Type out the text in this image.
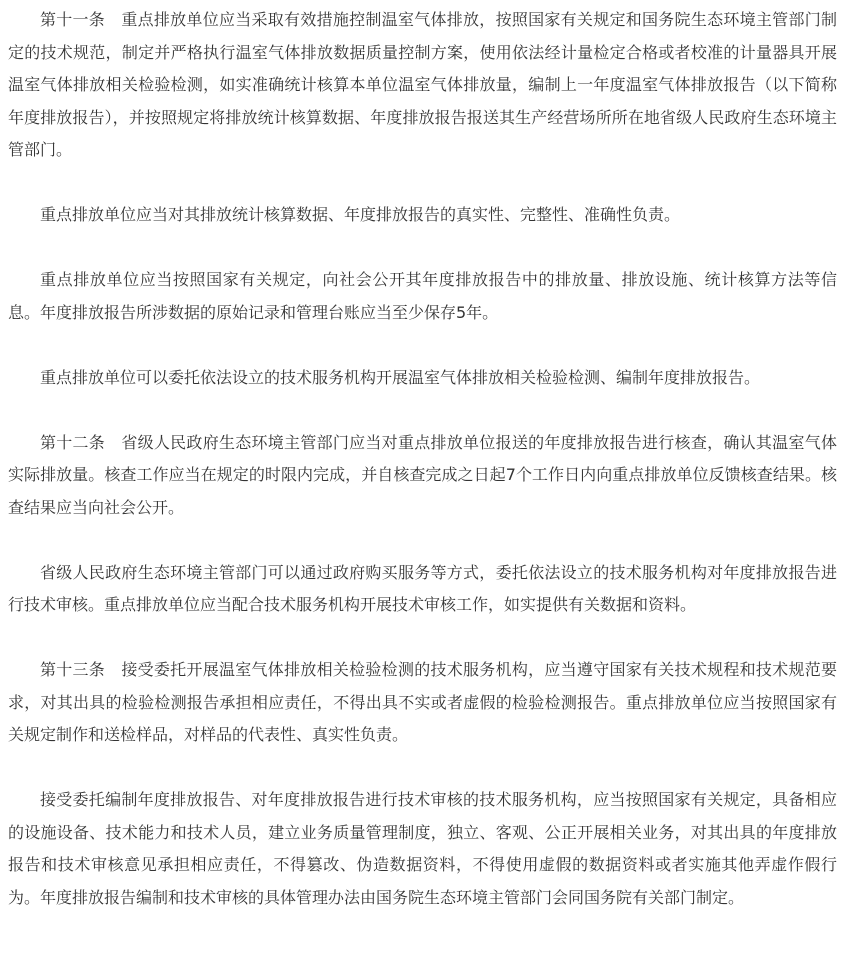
第十一条　重点排放单位应当采取有效措施控制温室气体排放，按照国家有关规定和国务院生态环境主管部门制定的技术规范，制定并严格执行温室气体排放数据质量控制方案，使用依法经计量检定合格或者校准的计量器具开展温室气体排放相关检验检测，如实准确统计核算本单位温室气体排放量，编制上一年度温室气体排放报告（以下简称年度排放报告），并按照规定将排放统计核算数据、年度排放报告报送其生产经营场所所在地省级人民政府生态环境主管部门。

重点排放单位应当对其排放统计核算数据、年度排放报告的真实性、完整性、准确性负责。

重点排放单位应当按照国家有关规定，向社会公开其年度排放报告中的排放量、排放设施、统计核算方法等信息。年度排放报告所涉数据的原始记录和管理台账应当至少保存5年。

重点排放单位可以委托依法设立的技术服务机构开展温室气体排放相关检验检测、编制年度排放报告。

第十二条　省级人民政府生态环境主管部门应当对重点排放单位报送的年度排放报告进行核查，确认其温室气体实际排放量。核查工作应当在规定的时限内完成，并自核查完成之日起7个工作日内向重点排放单位反馈核查结果。核查结果应当向社会公开。

省级人民政府生态环境主管部门可以通过政府购买服务等方式，委托依法设立的技术服务机构对年度排放报告进行技术审核。重点排放单位应当配合技术服务机构开展技术审核工作，如实提供有关数据和资料。

第十三条　接受委托开展温室气体排放相关检验检测的技术服务机构，应当遵守国家有关技术规程和技术规范要求，对其出具的检验检测报告承担相应责任，不得出具不实或者虚假的检验检测报告。重点排放单位应当按照国家有关规定制作和送检样品，对样品的代表性、真实性负责。

接受委托编制年度排放报告、对年度排放报告进行技术审核的技术服务机构，应当按照国家有关规定，具备相应的设施设备、技术能力和技术人员，建立业务质量管理制度，独立、客观、公正开展相关业务，对其出具的年度排放报告和技术审核意见承担相应责任，不得篡改、伪造数据资料，不得使用虚假的数据资料或者实施其他弄虚作假行为。年度排放报告编制和技术审核的具体管理办法由国务院生态环境主管部门会同国务院有关部门制定。
